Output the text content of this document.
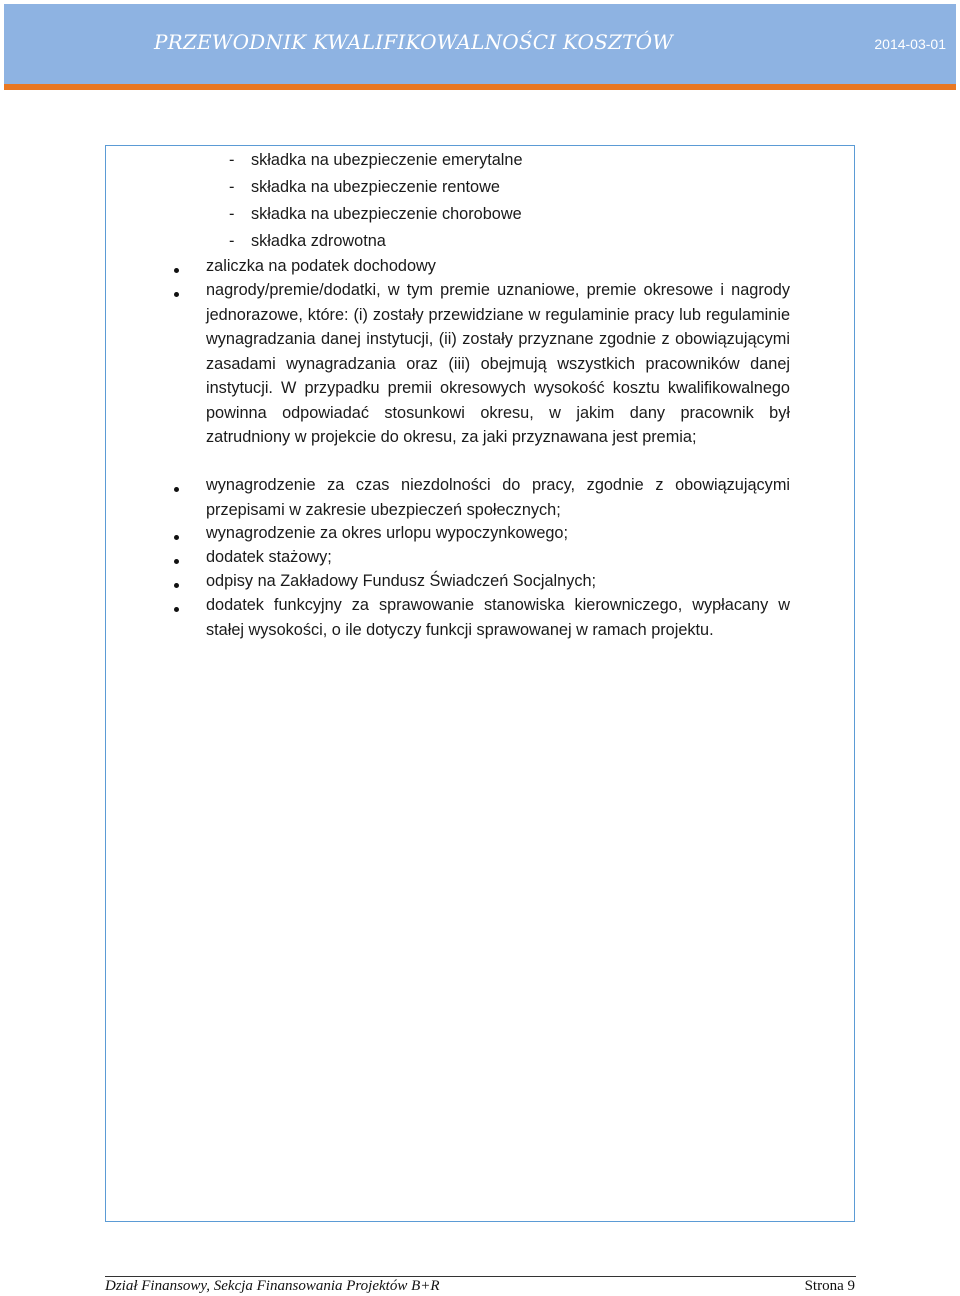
PRZEWODNIK KWALIFIKOWALNOŚCI KOSZTÓW	2014-03-01
- składka na ubezpieczenie emerytalne
- składka na ubezpieczenie rentowe
- składka na ubezpieczenie chorobowe
- składka zdrowotna
zaliczka na podatek dochodowy
nagrody/premie/dodatki, w tym premie uznaniowe, premie okresowe i nagrody jednorazowe, które: (i) zostały przewidziane w regulaminie pracy lub regulaminie wynagradzania danej instytucji, (ii) zostały przyznane zgodnie z obowiązującymi zasadami wynagradzania oraz (iii) obejmują wszystkich pracowników danej instytucji. W przypadku premii okresowych wysokość kosztu kwalifikowalnego powinna odpowiadać stosunkowi okresu, w jakim dany pracownik był zatrudniony w projekcie do okresu, za jaki przyznawana jest premia;
wynagrodzenie za czas niezdolności do pracy, zgodnie z obowiązującymi przepisami w zakresie ubezpieczeń społecznych;
wynagrodzenie za okres urlopu wypoczynkowego;
dodatek stażowy;
odpisy na Zakładowy Fundusz Świadczeń Socjalnych;
dodatek funkcyjny za sprawowanie stanowiska kierowniczego, wypłacany w stałej wysokości, o ile dotyczy funkcji sprawowanej w ramach projektu.
Dział Finansowy, Sekcja Finansowania Projektów B+R	Strona 9
